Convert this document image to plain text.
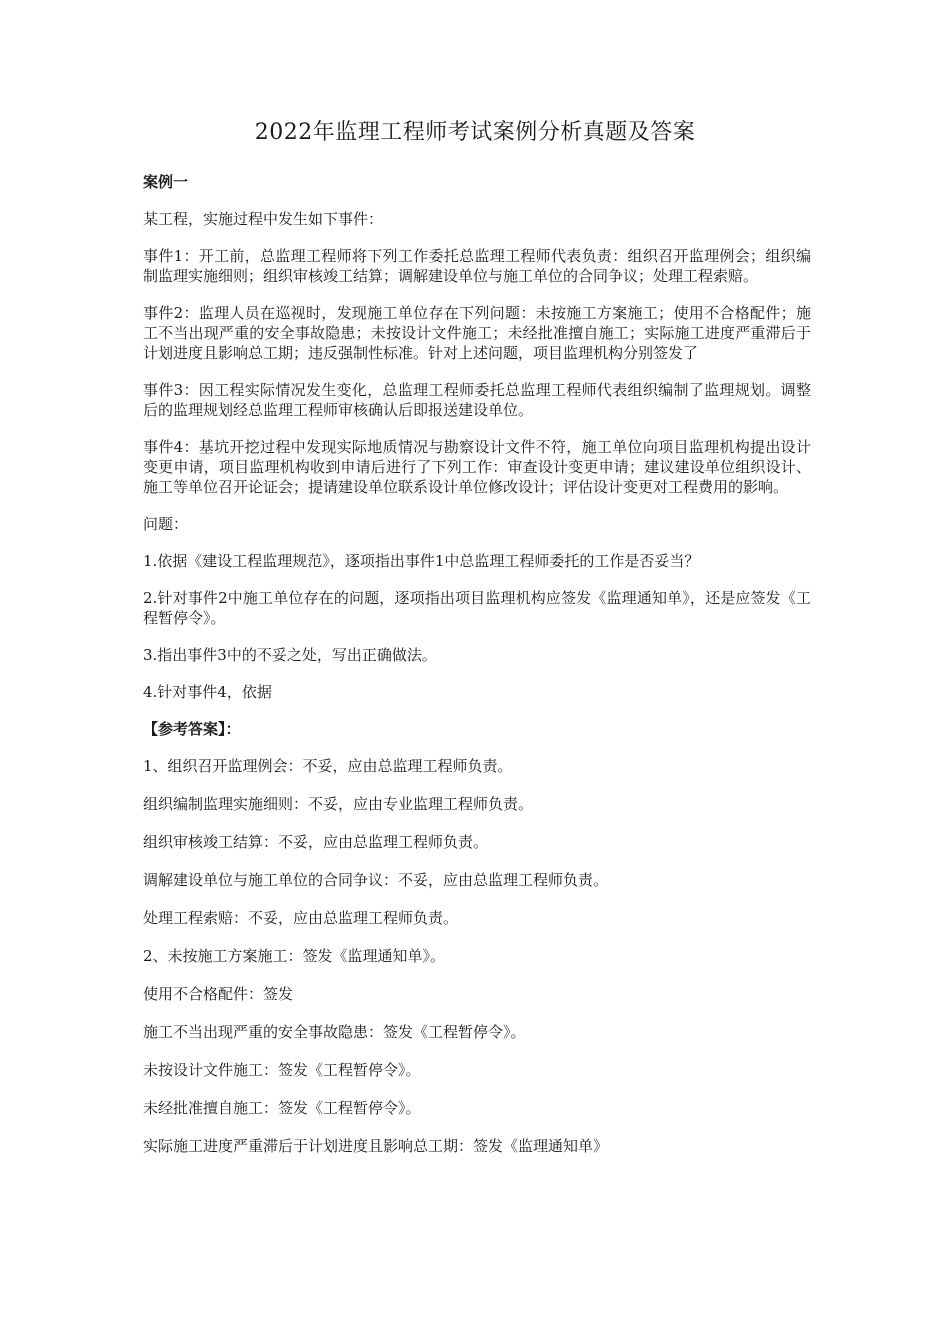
2022年监理工程师考试案例分析真题及答案

案例一

某工程，实施过程中发生如下事件：

事件1：开工前，总监理工程师将下列工作委托总监理工程师代表负责：组织召开监理例会；组织编制监理实施细则；组织审核竣工结算；调解建设单位与施工单位的合同争议；处理工程索赔。

事件2：监理人员在巡视时，发现施工单位存在下列问题：未按施工方案施工；使用不合格配件；施工不当出现严重的安全事故隐患；未按设计文件施工；未经批准擅自施工；实际施工进度严重滞后于计划进度且影响总工期；违反强制性标准。针对上述问题，项目监理机构分别签发了

事件3：因工程实际情况发生变化，总监理工程师委托总监理工程师代表组织编制了监理规划。调整后的监理规划经总监理工程师审核确认后即报送建设单位。

事件4：基坑开挖过程中发现实际地质情况与勘察设计文件不符，施工单位向项目监理机构提出设计变更申请，项目监理机构收到申请后进行了下列工作：审查设计变更申请；建议建设单位组织设计、施工等单位召开论证会；提请建设单位联系设计单位修改设计；评估设计变更对工程费用的影响。

问题：

1.依据《建设工程监理规范》，逐项指出事件1中总监理工程师委托的工作是否妥当？

2.针对事件2中施工单位存在的问题，逐项指出项目监理机构应签发《监理通知单》，还是应签发《工程暂停令》。

3.指出事件3中的不妥之处，写出正确做法。

4.针对事件4，依据

【参考答案】：

1、组织召开监理例会：不妥，应由总监理工程师负责。

组织编制监理实施细则：不妥，应由专业监理工程师负责。

组织审核竣工结算：不妥，应由总监理工程师负责。

调解建设单位与施工单位的合同争议：不妥，应由总监理工程师负责。

处理工程索赔：不妥，应由总监理工程师负责。

2、未按施工方案施工：签发《监理通知单》。

使用不合格配件：签发

施工不当出现严重的安全事故隐患：签发《工程暂停令》。

未按设计文件施工：签发《工程暂停令》。

未经批准擅自施工：签发《工程暂停令》。

实际施工进度严重滞后于计划进度且影响总工期：签发《监理通知单》
